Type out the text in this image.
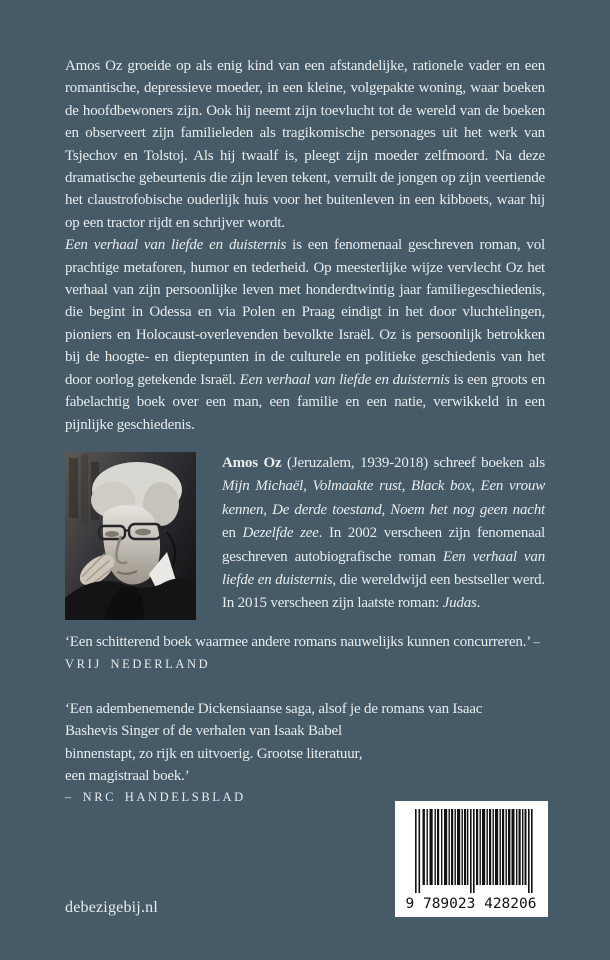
Amos Oz groeide op als enig kind van een afstandelijke, rationele vader en een romantische, depressieve moeder, in een kleine, volgepakte woning, waar boeken de hoofdbewoners zijn. Ook hij neemt zijn toevlucht tot de wereld van de boeken en observeert zijn familieleden als tragikomische personages uit het werk van Tsjechov en Tolstoj. Als hij twaalf is, pleegt zijn moeder zelfmoord. Na deze dramatische gebeurtenis die zijn leven tekent, verruilt de jongen op zijn veertiende het claustrofobische ouderlijk huis voor het buitenleven in een kibboets, waar hij op een tractor rijdt en schrijver wordt.

Een verhaal van liefde en duisternis is een fenomenaal geschreven roman, vol prachtige metaforen, humor en tederheid. Op meesterlijke wijze vervlecht Oz het verhaal van zijn persoonlijke leven met honderdtwintig jaar familiegeschiedenis, die begint in Odessa en via Polen en Praag eindigt in het door vluchtelingen, pioniers en Holocaust-overlevenden bevolkte Israël. Oz is persoonlijk betrokken bij de hoogte- en dieptepunten in de culturele en politieke geschiedenis van het door oorlog getekende Israël. Een verhaal van liefde en duisternis is een groots en fabelachtig boek over een man, een familie en een natie, verwikkeld in een pijnlijke geschiedenis.

Amos Oz (Jeruzalem, 1939-2018) schreef boeken als Mijn Michaël, Volmaakte rust, Black box, Een vrouw kennen, De derde toestand, Noem het nog geen nacht en Dezelfde zee. In 2002 verscheen zijn fenomenaal geschreven autobiografische roman Een verhaal van liefde en duisternis, die wereldwijd een bestseller werd. In 2015 verscheen zijn laatste roman: Judas.

‘Een schitterend boek waarmee andere romans nauwelijks kunnen concurreren.’ – VRIJ NEDERLAND

‘Een adembenemende Dickensiaanse saga, alsof je de romans van Isaac

Bashevis Singer of de verhalen van Isaak Babel binnenstapt, zo rijk en uitvoerig. Grootse literatuur, een magistraal boek.’

– NRC HANDELSBLAD
9 789023 428206

debezigebij.nl
